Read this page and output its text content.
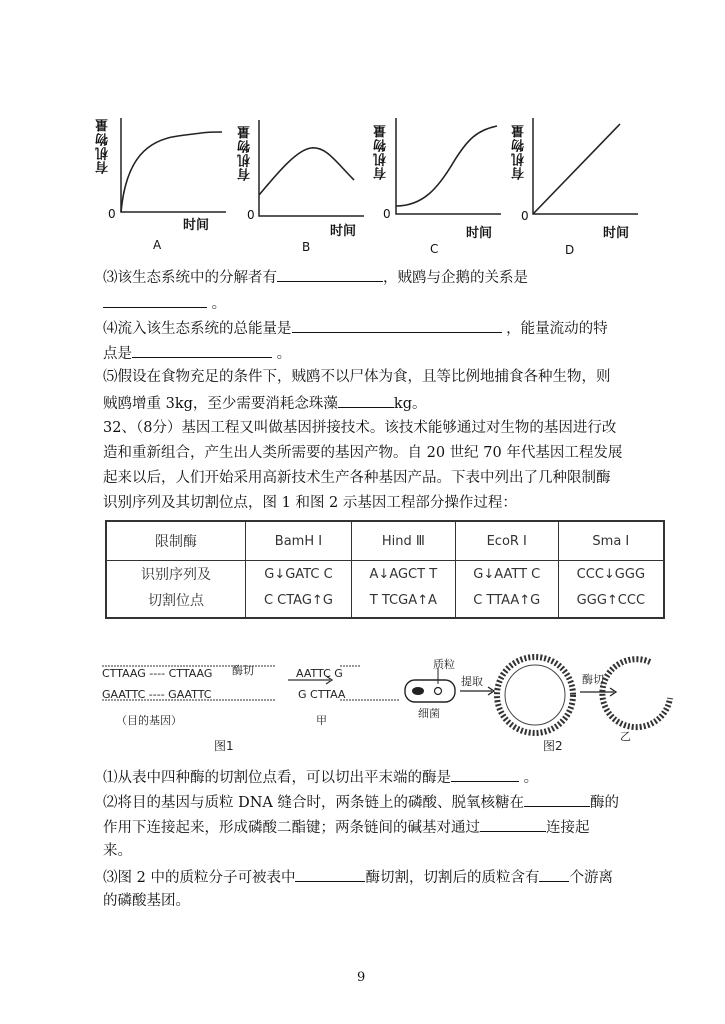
有机物量
0
时间
A
有机物量
0
时间
B
有机物量
0
时间
C
有机物量
0
时间
D
⑶该生态系统中的分解者有	，贼鸥与企鹅的关系是
。
⑷流入该生态系统的总能量是	，能量流动的特
点是	。
⑸假设在食物充足的条件下，贼鸥不以尸体为食，且等比例地捕食各种生物，则
贼鸥增重 3kg，至少需要消耗念珠藻	kg。
32、（8分）基因工程又叫做基因拼接技术。该技术能够通过对生物的基因进行改
造和重新组合，产生出人类所需要的基因产物。自 20 世纪 70 年代基因工程发展
起来以后，人们开始采用高新技术生产各种基因产品。下表中列出了几种限制酶
识别序列及其切割位点，图 1 和图 2 示基因工程部分操作过程：
限制酶	BamH Ⅰ	Hind Ⅲ	EcoR Ⅰ	Sma Ⅰ
识别序列及	G↓GATC C	A↓AGCT T	G↓AATT C	CCC↓GGG
切割位点	C CTAG↑G	T TCGA↑A	C TTAA↑G	GGG↑CCC
CTTAAG ---- CTTAAG
GAATTC ---- GAATTC
酶切	AATTC G
G CTTAA
（目的基因）	甲
图1
质粒
细菌
提取	酶切
乙
图2
⑴从表中四种酶的切割位点看，可以切出平末端的酶是	。
⑵将目的基因与质粒 DNA 缝合时，两条链上的磷酸、脱氧核糖在	酶的
作用下连接起来，形成磷酸二酯键；两条链间的碱基对通过	连接起
来。
⑶图 2 中的质粒分子可被表中	酶切割，切割后的质粒含有 个游离
的磷酸基团。
9
